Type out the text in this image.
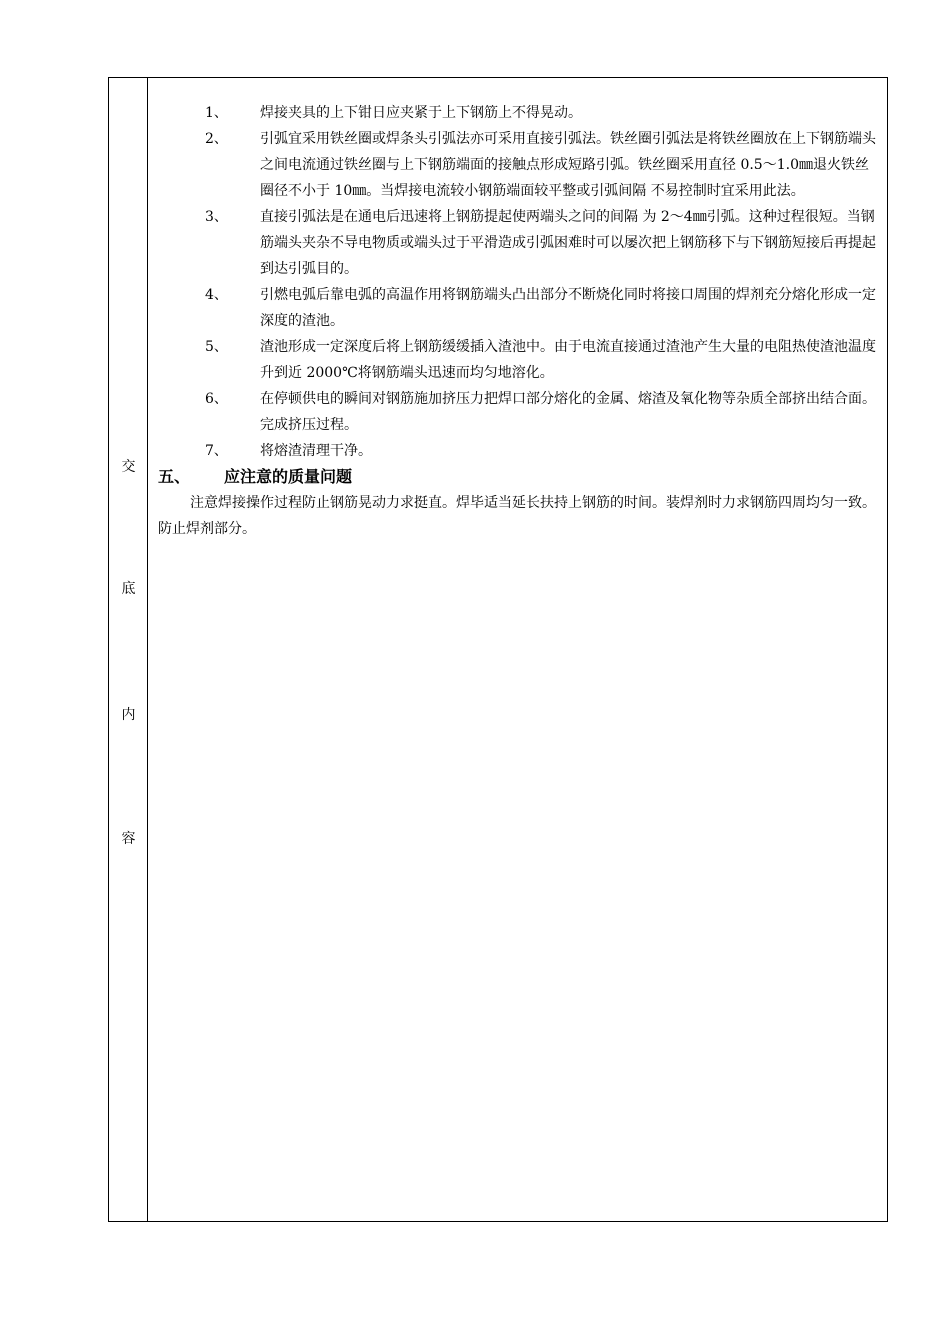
交
底
内
容
1、 焊接夹具的上下钳日应夹紧于上下钢筋上不得晃动。
2、 引弧宜采用铁丝圈或焊条头引弧法亦可采用直接引弧法。铁丝圈引弧法是将铁丝圈放在上下钢筋端头之间电流通过铁丝圈与上下钢筋端面的接触点形成短路引弧。铁丝圈采用直径 0.5～1.0㎜退火铁丝圈径不小于 10㎜。当焊接电流较小钢筋端面较平整或引弧间隔 不易控制时宜采用此法。
3、 直接引弧法是在通电后迅速将上钢筋提起使两端头之问的间隔 为 2～4㎜引弧。这种过程很短。当钢筋端头夹杂不导电物质或端头过于平滑造成引弧困难时可以屡次把上钢筋移下与下钢筋短接后再提起到达引弧目的。
4、 引燃电弧后靠电弧的高温作用将钢筋端头凸出部分不断烧化同时将接口周围的焊剂充分熔化形成一定深度的渣池。
5、 渣池形成一定深度后将上钢筋缓缓插入渣池中。由于电流直接通过渣池产生大量的电阻热使渣池温度升到近 2000℃将钢筋端头迅速而均匀地溶化。
6、 在停顿供电的瞬间对钢筋施加挤压力把焊口部分熔化的金属、熔渣及氧化物等杂质全部挤出结合面。完成挤压过程。
7、 将熔渣清理干净。
五、 应注意的质量问题
注意焊接操作过程防止钢筋晃动力求挺直。焊毕适当延长扶持上钢筋的时间。装焊剂时力求钢筋四周均匀一致。防止焊剂部分。
